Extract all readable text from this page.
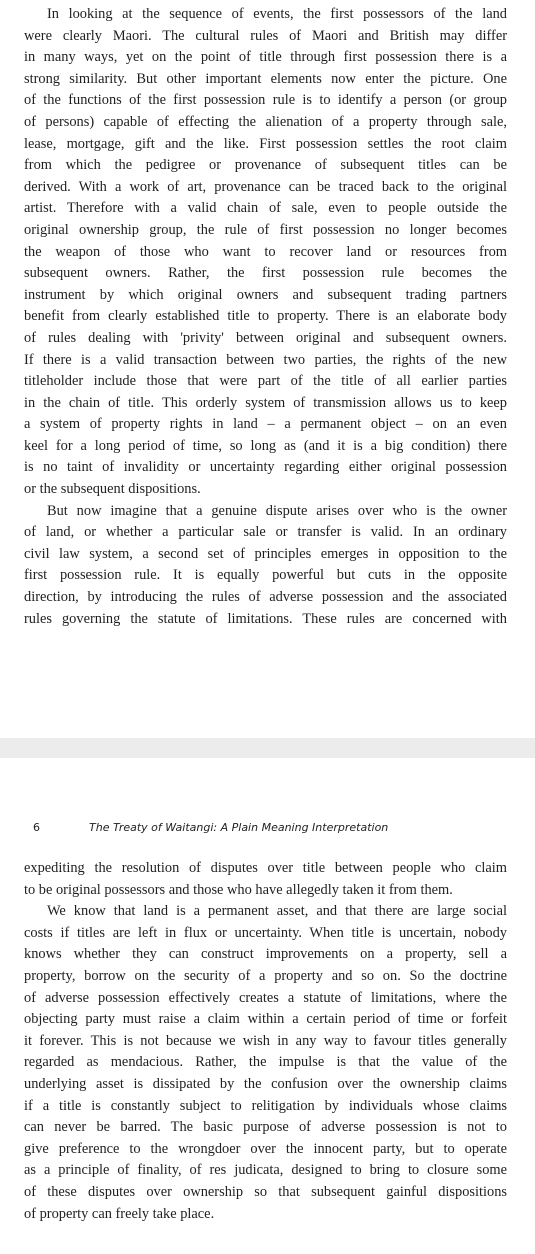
In looking at the sequence of events, the first possessors of the land
were clearly Maori. The cultural rules of Maori and British may differ
in many ways, yet on the point of title through first possession there is a
strong similarity. But other important elements now enter the picture. One
of the functions of the first possession rule is to identify a person (or group
of persons) capable of effecting the alienation of a property through sale,
lease, mortgage, gift and the like. First possession settles the root claim
from which the pedigree or provenance of subsequent titles can be
derived. With a work of art, provenance can be traced back to the original
artist. Therefore with a valid chain of sale, even to people outside the
original ownership group, the rule of first possession no longer becomes
the weapon of those who want to recover land or resources from
subsequent owners. Rather, the first possession rule becomes the
instrument by which original owners and subsequent trading partners
benefit from clearly established title to property. There is an elaborate body
of rules dealing with 'privity' between original and subsequent owners.
If there is a valid transaction between two parties, the rights of the new
titleholder include those that were part of the title of all earlier parties
in the chain of title. This orderly system of transmission allows us to keep
a system of property rights in land – a permanent object – on an even
keel for a long period of time, so long as (and it is a big condition) there
is no taint of invalidity or uncertainty regarding either original possession
or the subsequent dispositions.
But now imagine that a genuine dispute arises over who is the owner
of land, or whether a particular sale or transfer is valid. In an ordinary
civil law system, a second set of principles emerges in opposition to the
first possession rule. It is equally powerful but cuts in the opposite
direction, by introducing the rules of adverse possession and the associated
rules governing the statute of limitations. These rules are concerned with
6	The Treaty of Waitangi: A Plain Meaning Interpretation
expediting the resolution of disputes over title between people who claim
to be original possessors and those who have allegedly taken it from them.
We know that land is a permanent asset, and that there are large social
costs if titles are left in flux or uncertainty. When title is uncertain, nobody
knows whether they can construct improvements on a property, sell a
property, borrow on the security of a property and so on. So the doctrine
of adverse possession effectively creates a statute of limitations, where the
objecting party must raise a claim within a certain period of time or forfeit
it forever. This is not because we wish in any way to favour titles generally
regarded as mendacious. Rather, the impulse is that the value of the
underlying asset is dissipated by the confusion over the ownership claims
if a title is constantly subject to relitigation by individuals whose claims
can never be barred. The basic purpose of adverse possession is not to
give preference to the wrongdoer over the innocent party, but to operate
as a principle of finality, of res judicata, designed to bring to closure some
of these disputes over ownership so that subsequent gainful dispositions
of property can freely take place.
